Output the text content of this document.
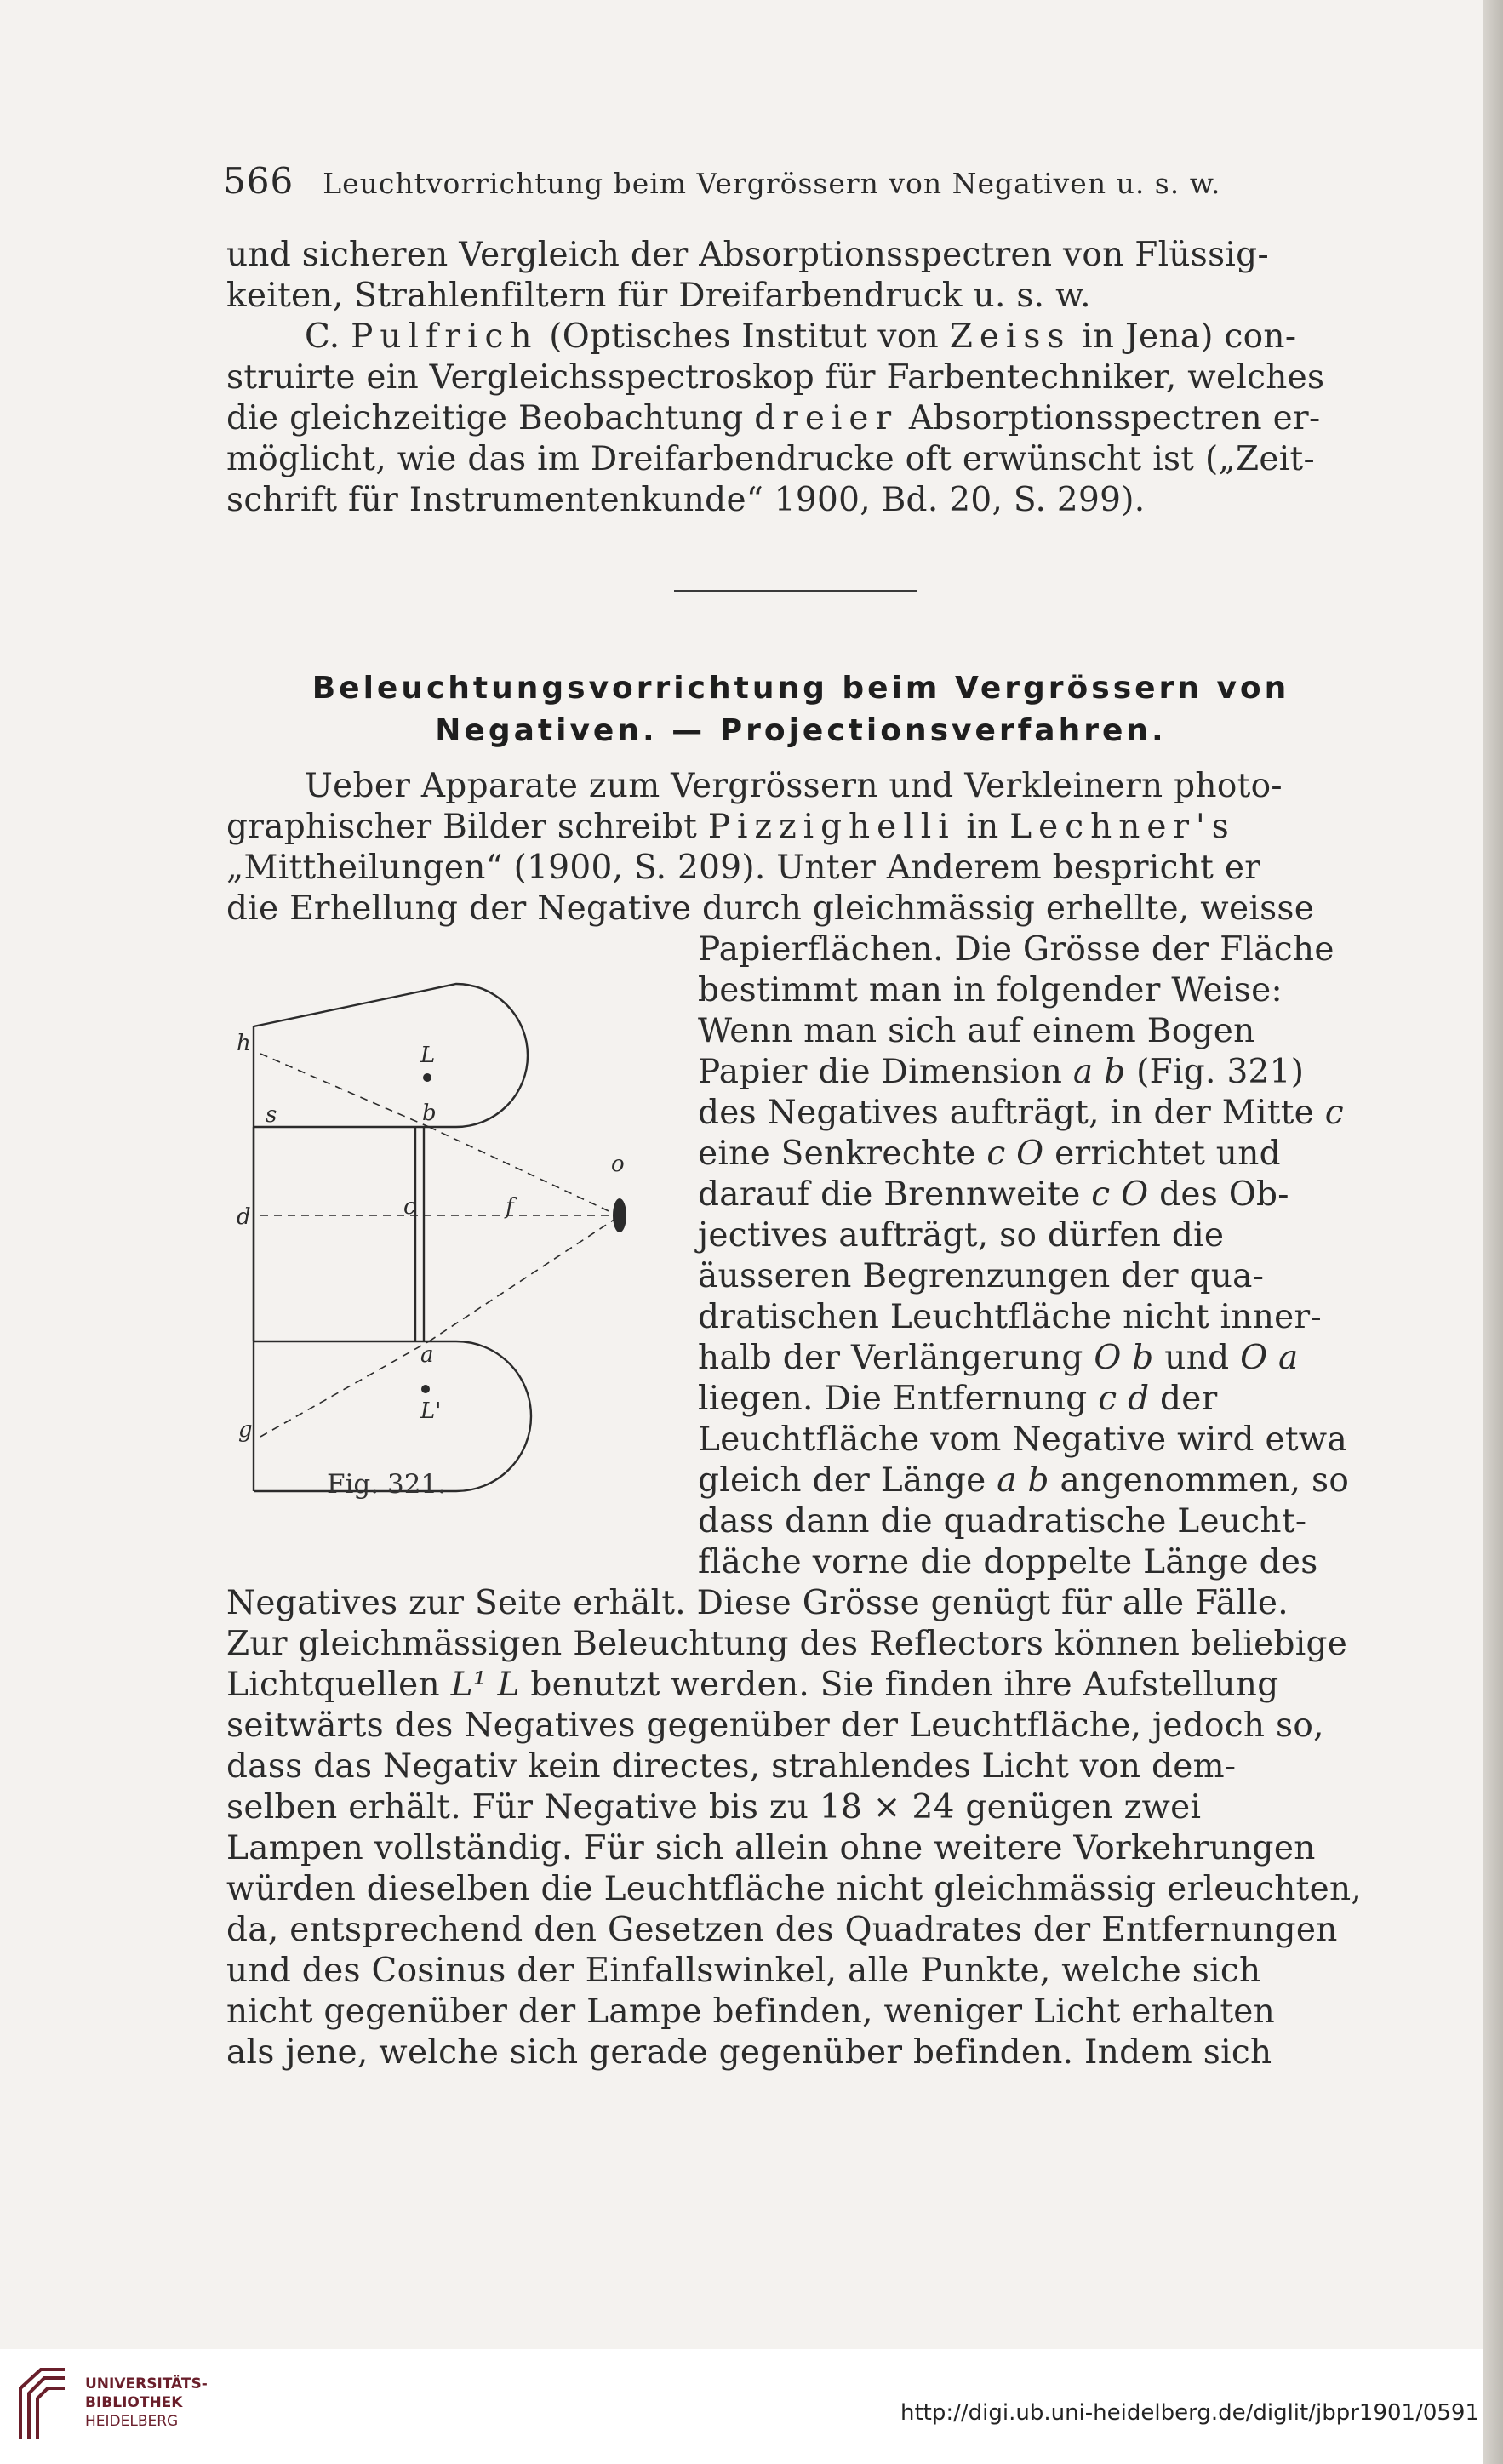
566 Leuchtvorrichtung beim Vergrössern von Negativen u. s. w.

und sicheren Vergleich der Absorptionsspectren von Flüssig-

keiten, Strahlenfiltern für Dreifarbendruck u. s. w.

C. Pulfrich (Optisches Institut von Zeiss in Jena) con-

struirte ein Vergleichsspectroskop für Farbentechniker, welches

die gleichzeitige Beobachtung dreier Absorptionsspectren er-

möglicht, wie das im Dreifarbendrucke oft erwünscht ist („Zeit-

schrift für Instrumentenkunde“ 1900, Bd. 20, S. 299).

Beleuchtungsvorrichtung beim Vergrössern von
Negativen. — Projectionsverfahren.

Ueber Apparate zum Vergrössern und Verkleinern photo-

graphischer Bilder schreibt Pizzighelli in Lechner's

„Mittheilungen“ (1900, S. 209). Unter Anderem bespricht er

die Erhellung der Negative durch gleichmässig erhellte, weisse

Papierflächen. Die Grösse der Fläche

bestimmt man in folgender Weise:

Wenn man sich auf einem Bogen

Papier die Dimension a b (Fig. 321)

des Negatives aufträgt, in der Mitte c

eine Senkrechte c O errichtet und

darauf die Brennweite c O des Ob-

jectives aufträgt, so dürfen die

äusseren Begrenzungen der qua-

dratischen Leuchtfläche nicht inner-

halb der Verlängerung O b und O a

liegen. Die Entfernung c d der

Leuchtfläche vom Negative wird etwa

gleich der Länge a b angenommen, so

dass dann die quadratische Leucht-

fläche vorne die doppelte Länge des

Negatives zur Seite erhält. Diese Grösse genügt für alle Fälle.

Zur gleichmässigen Beleuchtung des Reflectors können beliebige

Lichtquellen L¹ L benutzt werden. Sie finden ihre Aufstellung

seitwärts des Negatives gegenüber der Leuchtfläche, jedoch so,

dass das Negativ kein directes, strahlendes Licht von dem-

selben erhält. Für Negative bis zu 18 × 24 genügen zwei

Lampen vollständig. Für sich allein ohne weitere Vorkehrungen

würden dieselben die Leuchtfläche nicht gleichmässig erleuchten,

da, entsprechend den Gesetzen des Quadrates der Entfernungen

und des Cosinus der Einfallswinkel, alle Punkte, welche sich

nicht gegenüber der Lampe befinden, weniger Licht erhalten

als jene, welche sich gerade gegenüber befinden. Indem sich

h
s
d
g
L
L'
b
c
a
f
o
Fig. 321.
UNIVERSITÄTS-
BIBLIOTHEK
HEIDELBERG	http://digi.ub.uni-heidelberg.de/diglit/jbpr1901/0591
